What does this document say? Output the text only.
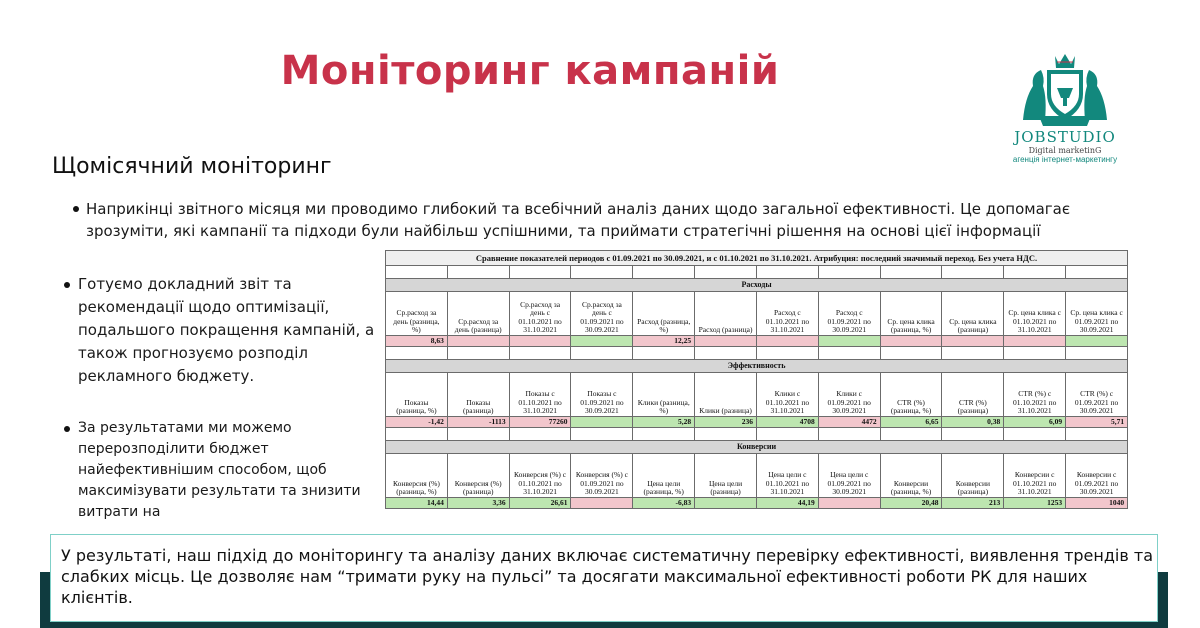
Моніторинг кампаній
JOBSTUDIO
Digital marketinG
агенція інтернет-маркетингу
Щомісячний моніторинг
Наприкінці звітного місяця ми проводимо глибокий та всебічний аналіз даних щодо загальної ефективності. Це допомагає зрозуміти, які кампанії та підходи були найбільш успішними, та приймати стратегічні рішення на основі цієї інформації
Готуємо докладний звіт та рекомендації щодо оптимізації, подальшого покращення кампаній, а також прогнозуємо розподіл рекламного бюджету.
За результатами ми можемо перерозподілити бюджет найефективнішим способом, щоб максимізувати результати та знизити витрати на
Сравнение показателей периодов с 01.09.2021 по 30.09.2021, и с 01.10.2021 по 31.10.2021. Атрибуция: последний значимый переход. Без учета НДС.											

Расходы											
Ср.расход за день (разница, %)	Ср.расход за день (разница)	Ср.расход за день с 01.10.2021 по 31.10.2021	Ср.расход за день с 01.09.2021 по 30.09.2021	Расход (разница, %)	Расход (разница)	Расход с 01.10.2021 по 31.10.2021	Расход с 01.09.2021 по 30.09.2021	Ср. цена клика (разница, %)	Ср. цена клика (разница)	Ср. цена клика с 01.10.2021 по 31.10.2021	Ср. цена клика с 01.09.2021 по 30.09.2021
8,63				12,25							

Эффективность											
Показы (разница, %)	Показы (разница)	Показы с 01.10.2021 по 31.10.2021	Показы с 01.09.2021 по 30.09.2021	Клики (разница, %)	Клики (разница)	Клики с 01.10.2021 по 31.10.2021	Клики с 01.09.2021 по 30.09.2021	CTR (%) (разница, %)	CTR (%) (разница)	CTR (%) с 01.10.2021 по 31.10.2021	CTR (%) с 01.09.2021 по 30.09.2021
-1,42	-1113	77260		5,28	236	4708	4472	6,65	0,38	6,09	5,71

Конверсии											
Конверсия (%) (разница, %)	Конверсия (%) (разница)	Конверсия (%) с 01.10.2021 по 31.10.2021	Конверсия (%) с 01.09.2021 по 30.09.2021	Цена цели (разница, %)	Цена цели (разница)	Цена цели с 01.10.2021 по 31.10.2021	Цена цели с 01.09.2021 по 30.09.2021	Конверсии (разница, %)	Конверсии (разница)	Конверсии с 01.10.2021 по 31.10.2021	Конверсии с 01.09.2021 по 30.09.2021
14,44	3,36	26,61		-6,83		44,19		20,48	213	1253	1040
У результаті, наш підхід до моніторингу та аналізу даних включає систематичну перевірку ефективності, виявлення трендів та слабких місць. Це дозволяє нам “тримати руку на пульсі” та досягати максимальної ефективності роботи РК для наших клієнтів.
